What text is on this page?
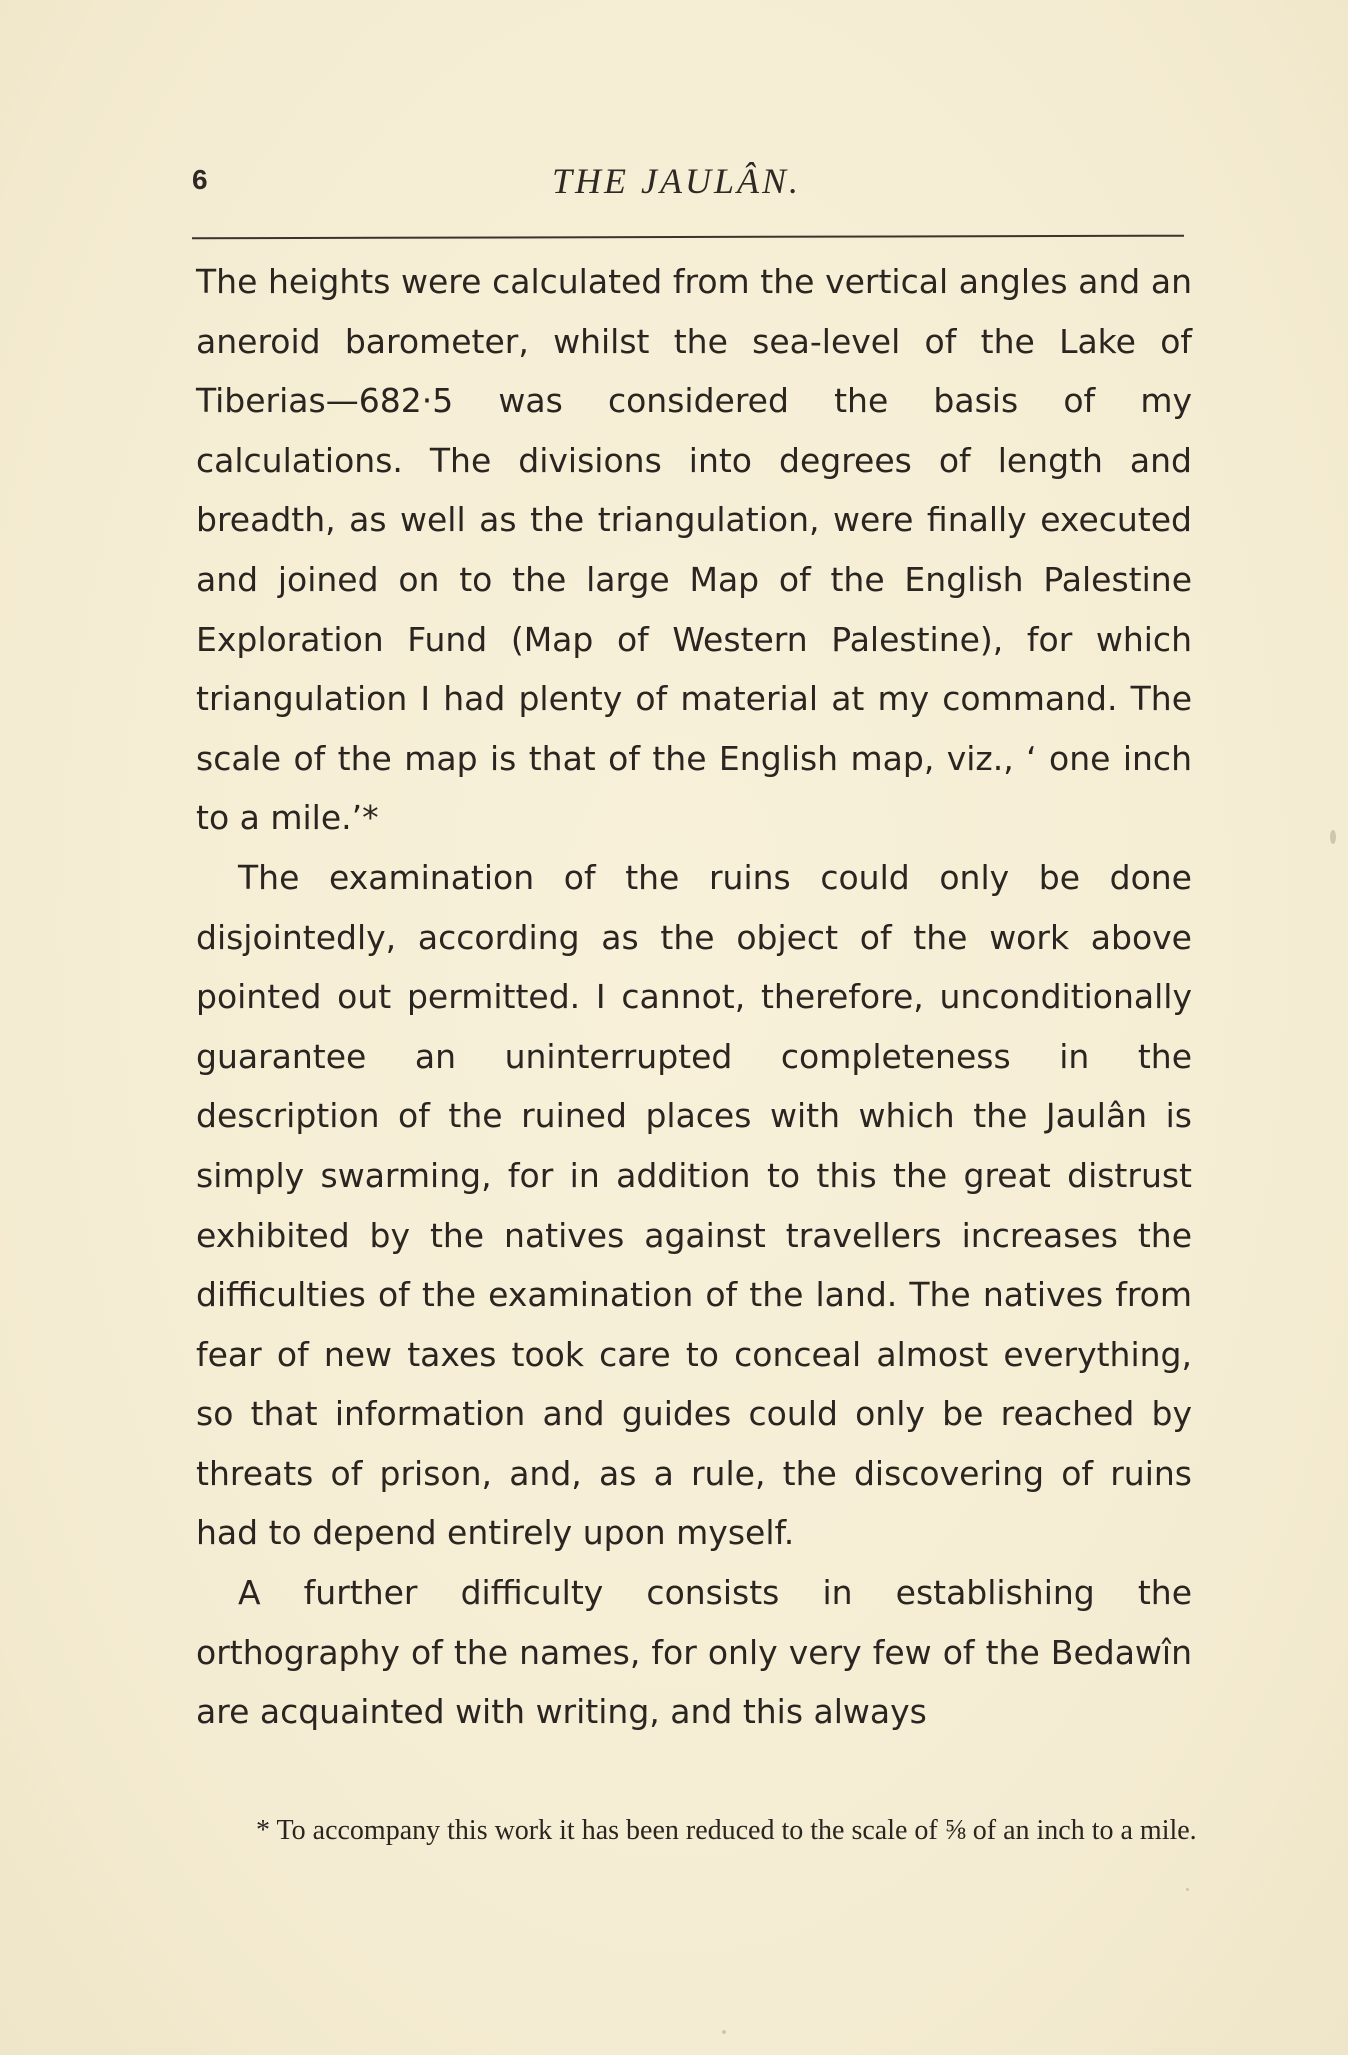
6	THE JAULÂN.

The heights were calculated from the vertical angles and an aneroid barometer, whilst the sea-level of the Lake of Tiberias—682·5 was considered the basis of my calculations. The divisions into degrees of length and breadth, as well as the triangulation, were finally executed and joined on to the large Map of the English Palestine Exploration Fund (Map of Western Palestine), for which triangulation I had plenty of material at my command. The scale of the map is that of the English map, viz., ‘ one inch to a mile.’*

The examination of the ruins could only be done disjointedly, according as the object of the work above pointed out permitted. I cannot, therefore, unconditionally guarantee an uninterrupted completeness in the description of the ruined places with which the Jaulân is simply swarming, for in addition to this the great distrust exhibited by the natives against travellers increases the difficulties of the examination of the land. The natives from fear of new taxes took care to conceal almost everything, so that information and guides could only be reached by threats of prison, and, as a rule, the discovering of ruins had to depend entirely upon myself.

A further difficulty consists in establishing the orthography of the names, for only very few of the Bedawîn are acquainted with writing, and this always

* To accompany this work it has been reduced to the scale of ⅝ of an inch to a mile.
